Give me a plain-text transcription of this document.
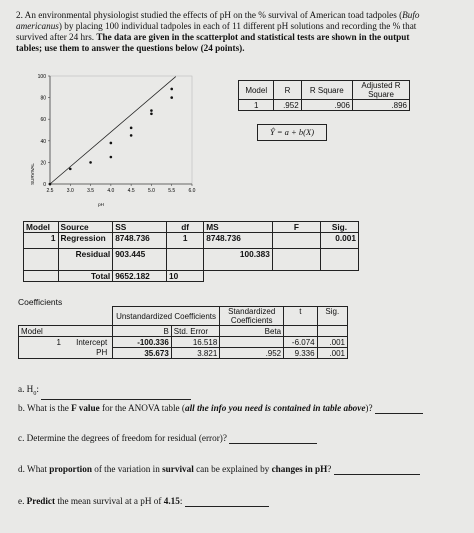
2. An environmental physiologist studied the effects of pH on the % survival of American toad tadpoles (Bufo
americanus) by placing 100 individual tadpoles in each of 11 different pH solutions and recording the % that
survived after 24 hrs. The data are given in the scatterplot and statistical tests are shown in the output
tables; use them to answer the questions below (24 points).
0
20
40
60
80
100
2.5	3.0	3.5	4.0	4.5	5.0	5.5	6.0
pH
SURVIVAL
Model	R	R Square	Adjusted R Square
1	.952	.906	.896
Ŷ = a + b(X)
Model	Source	SS	df	MS	F	Sig.
1	Regression	8748.736	1	8748.736		0.001
	Residual	903.445		100.383		
	Total	9652.182	10			
Coefficients
	Unstandardized Coefficients		Standardized Coefficients	t	Sig.
Model	B	Std. Error	Beta		
1 Intercept	-100.336	16.518		-6.074	.001
PH	35.673	3.821	.952	9.336	.001
a. $H_0$:
b. What is the F value for the ANOVA table (all the info you need is contained in table above)?
c. Determine the degrees of freedom for residual (error)?
d. What proportion of the variation in survival can be explained by changes in pH?
e. Predict the mean survival at a pH of 4.15:
